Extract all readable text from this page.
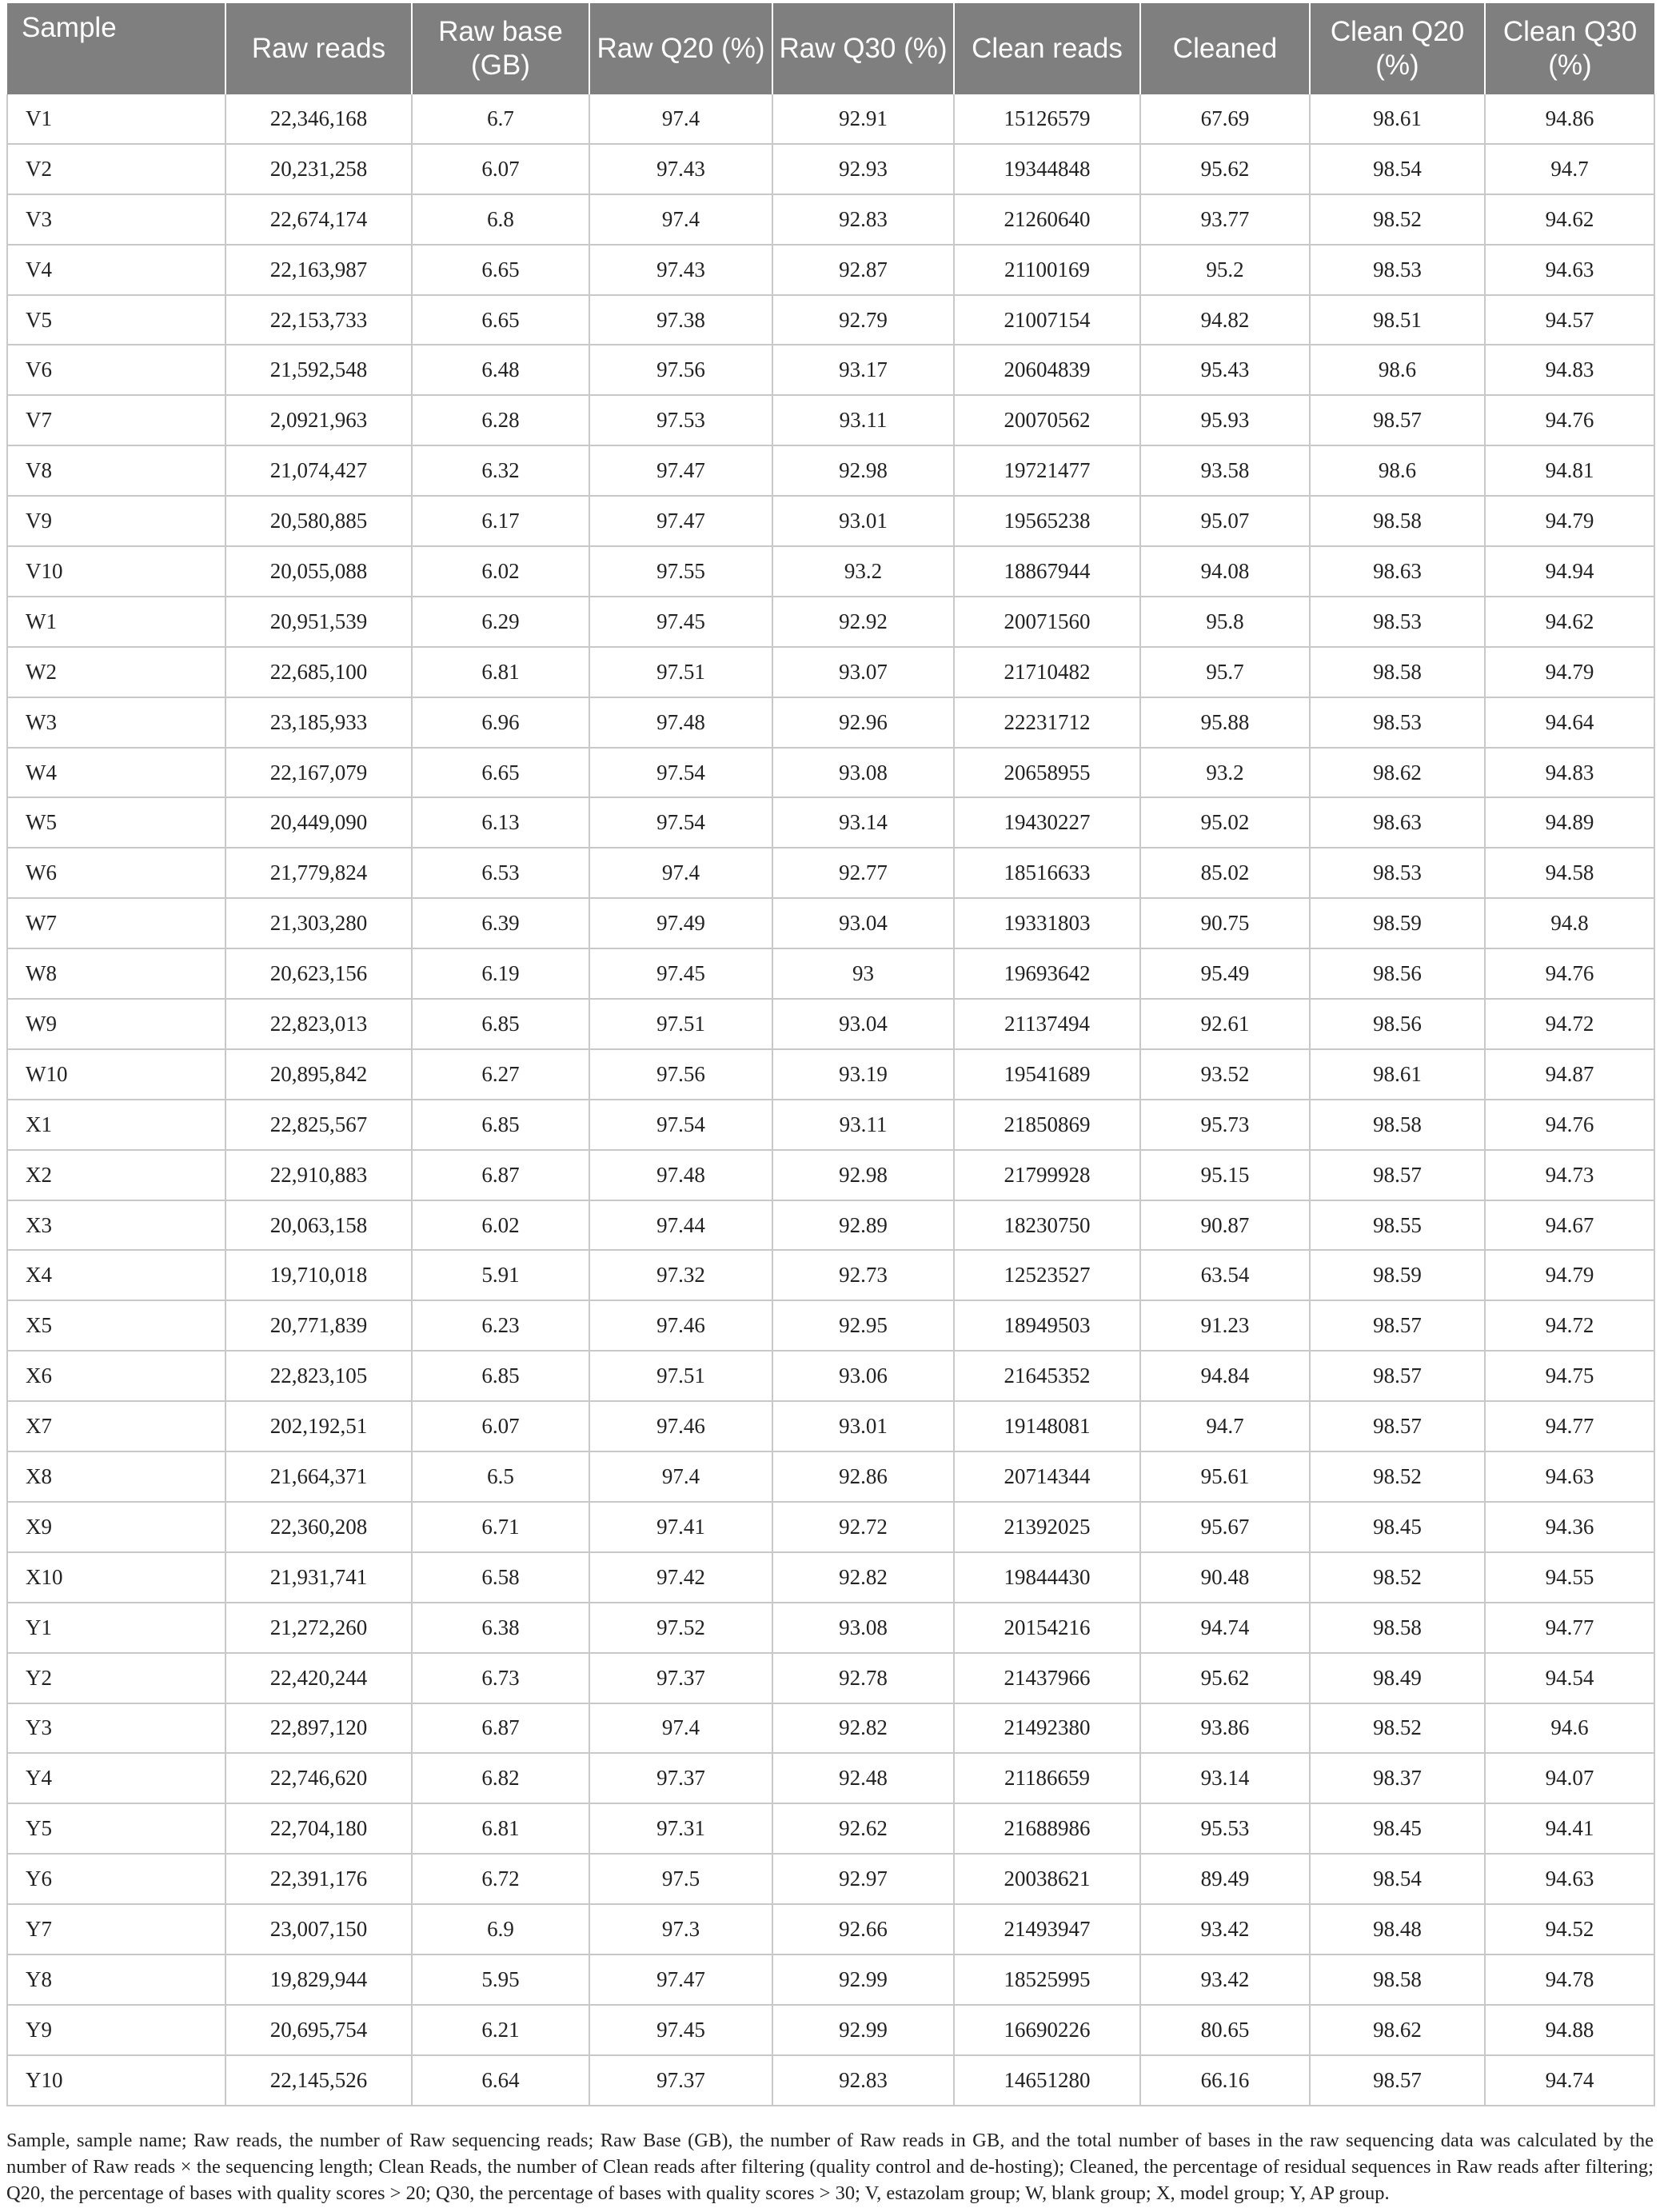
Sample	Raw reads	Raw base (GB)	Raw Q20 (%)	Raw Q30 (%)	Clean reads	Cleaned	Clean Q20 (%)	Clean Q30 (%)
V1	22,346,168	6.7	97.4	92.91	15126579	67.69	98.61	94.86
V2	20,231,258	6.07	97.43	92.93	19344848	95.62	98.54	94.7
V3	22,674,174	6.8	97.4	92.83	21260640	93.77	98.52	94.62
V4	22,163,987	6.65	97.43	92.87	21100169	95.2	98.53	94.63
V5	22,153,733	6.65	97.38	92.79	21007154	94.82	98.51	94.57
V6	21,592,548	6.48	97.56	93.17	20604839	95.43	98.6	94.83
V7	2,0921,963	6.28	97.53	93.11	20070562	95.93	98.57	94.76
V8	21,074,427	6.32	97.47	92.98	19721477	93.58	98.6	94.81
V9	20,580,885	6.17	97.47	93.01	19565238	95.07	98.58	94.79
V10	20,055,088	6.02	97.55	93.2	18867944	94.08	98.63	94.94
W1	20,951,539	6.29	97.45	92.92	20071560	95.8	98.53	94.62
W2	22,685,100	6.81	97.51	93.07	21710482	95.7	98.58	94.79
W3	23,185,933	6.96	97.48	92.96	22231712	95.88	98.53	94.64
W4	22,167,079	6.65	97.54	93.08	20658955	93.2	98.62	94.83
W5	20,449,090	6.13	97.54	93.14	19430227	95.02	98.63	94.89
W6	21,779,824	6.53	97.4	92.77	18516633	85.02	98.53	94.58
W7	21,303,280	6.39	97.49	93.04	19331803	90.75	98.59	94.8
W8	20,623,156	6.19	97.45	93	19693642	95.49	98.56	94.76
W9	22,823,013	6.85	97.51	93.04	21137494	92.61	98.56	94.72
W10	20,895,842	6.27	97.56	93.19	19541689	93.52	98.61	94.87
X1	22,825,567	6.85	97.54	93.11	21850869	95.73	98.58	94.76
X2	22,910,883	6.87	97.48	92.98	21799928	95.15	98.57	94.73
X3	20,063,158	6.02	97.44	92.89	18230750	90.87	98.55	94.67
X4	19,710,018	5.91	97.32	92.73	12523527	63.54	98.59	94.79
X5	20,771,839	6.23	97.46	92.95	18949503	91.23	98.57	94.72
X6	22,823,105	6.85	97.51	93.06	21645352	94.84	98.57	94.75
X7	202,192,51	6.07	97.46	93.01	19148081	94.7	98.57	94.77
X8	21,664,371	6.5	97.4	92.86	20714344	95.61	98.52	94.63
X9	22,360,208	6.71	97.41	92.72	21392025	95.67	98.45	94.36
X10	21,931,741	6.58	97.42	92.82	19844430	90.48	98.52	94.55
Y1	21,272,260	6.38	97.52	93.08	20154216	94.74	98.58	94.77
Y2	22,420,244	6.73	97.37	92.78	21437966	95.62	98.49	94.54
Y3	22,897,120	6.87	97.4	92.82	21492380	93.86	98.52	94.6
Y4	22,746,620	6.82	97.37	92.48	21186659	93.14	98.37	94.07
Y5	22,704,180	6.81	97.31	92.62	21688986	95.53	98.45	94.41
Y6	22,391,176	6.72	97.5	92.97	20038621	89.49	98.54	94.63
Y7	23,007,150	6.9	97.3	92.66	21493947	93.42	98.48	94.52
Y8	19,829,944	5.95	97.47	92.99	18525995	93.42	98.58	94.78
Y9	20,695,754	6.21	97.45	92.99	16690226	80.65	98.62	94.88
Y10	22,145,526	6.64	97.37	92.83	14651280	66.16	98.57	94.74
Sample, sample name; Raw reads, the number of Raw sequencing reads; Raw Base (GB), the number of Raw reads in GB, and the total number of bases in the raw sequencing data was calculated by the number of Raw reads × the sequencing length; Clean Reads, the number of Clean reads after filtering (quality control and de-hosting); Cleaned, the percentage of residual sequences in Raw reads after filtering; Q20, the percentage of bases with quality scores > 20; Q30, the percentage of bases with quality scores > 30; V, estazolam group; W, blank group; X, model group; Y, AP group.
